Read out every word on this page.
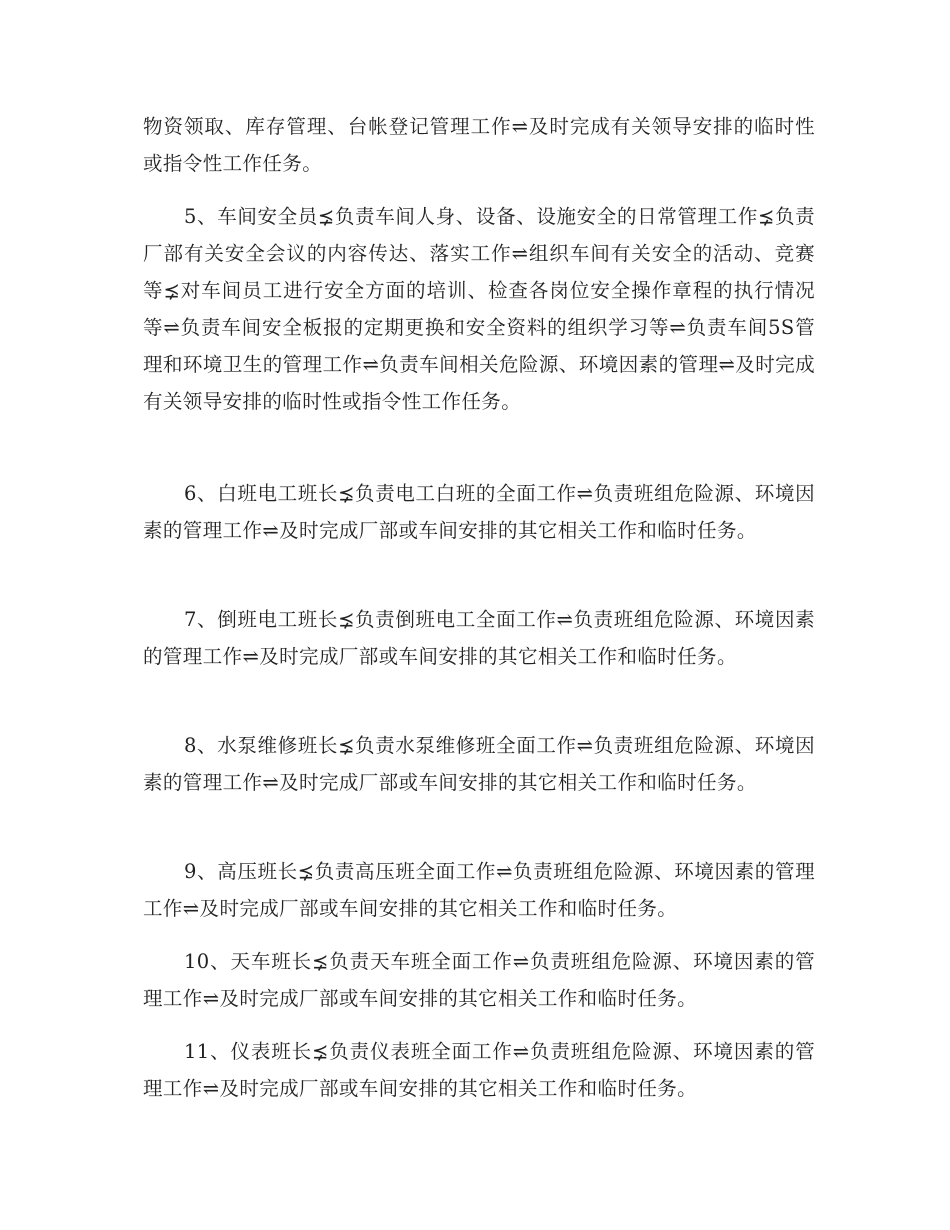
物资领取、库存管理、台帐登记管理工作⇌及时完成有关领导安排的临时性或指令性工作任务。

5、车间安全员⪱负责车间人身、设备、设施安全的日常管理工作⪱负责厂部有关安全会议的内容传达、落实工作⇌组织车间有关安全的活动、竞赛等⪱对车间员工进行安全方面的培训、检查各岗位安全操作章程的执行情况等⇌负责车间安全板报的定期更换和安全资料的组织学习等⇌负责车间5S管理和环境卫生的管理工作⇌负责车间相关危险源、环境因素的管理⇌及时完成有关领导安排的临时性或指令性工作任务。

6、白班电工班长⪱负责电工白班的全面工作⇌负责班组危险源、环境因素的管理工作⇌及时完成厂部或车间安排的其它相关工作和临时任务。

7、倒班电工班长⪱负责倒班电工全面工作⇌负责班组危险源、环境因素的管理工作⇌及时完成厂部或车间安排的其它相关工作和临时任务。

8、水泵维修班长⪱负责水泵维修班全面工作⇌负责班组危险源、环境因素的管理工作⇌及时完成厂部或车间安排的其它相关工作和临时任务。

9、高压班长⪱负责高压班全面工作⇌负责班组危险源、环境因素的管理工作⇌及时完成厂部或车间安排的其它相关工作和临时任务。

10、天车班长⪱负责天车班全面工作⇌负责班组危险源、环境因素的管理工作⇌及时完成厂部或车间安排的其它相关工作和临时任务。

11、仪表班长⪱负责仪表班全面工作⇌负责班组危险源、环境因素的管理工作⇌及时完成厂部或车间安排的其它相关工作和临时任务。
